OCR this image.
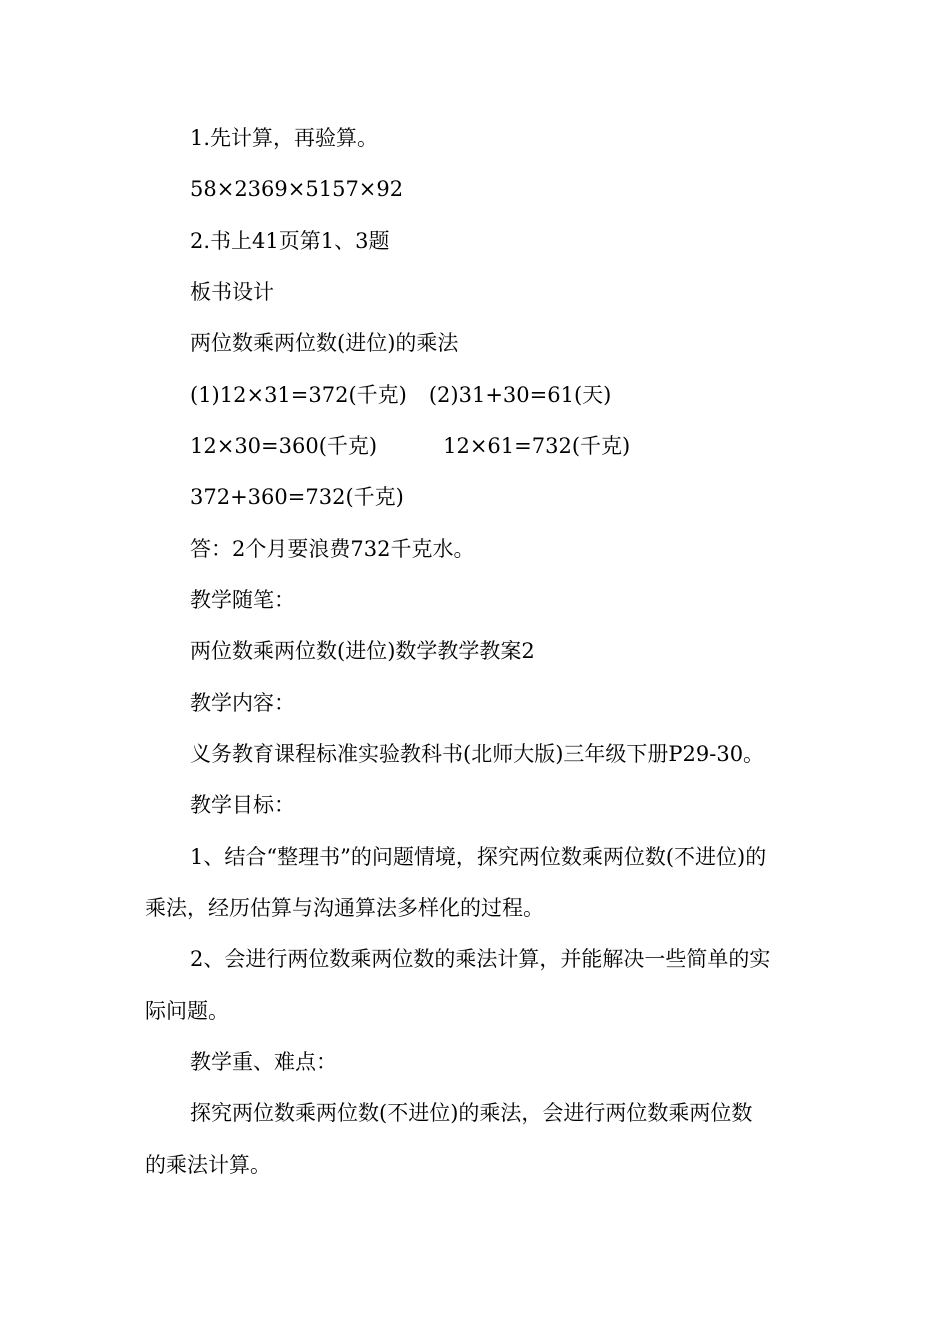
1.先计算，再验算。
58×2369×5157×92
2.书上41页第1、3题
板书设计
两位数乘两位数(进位)的乘法
(1)12×31=372(千克) (2)31+30=61(天)
12×30=360(千克)	12×61=732(千克)
372+360=732(千克)
答：2个月要浪费732千克水。
教学随笔：
两位数乘两位数(进位)数学教学教案2
教学内容：
义务教育课程标准实验教科书(北师大版)三年级下册P29-30。
教学目标：
1、结合“整理书”的问题情境，探究两位数乘两位数(不进位)的
乘法，经历估算与沟通算法多样化的过程。
2、会进行两位数乘两位数的乘法计算，并能解决一些简单的实
际问题。
教学重、难点：
探究两位数乘两位数(不进位)的乘法，会进行两位数乘两位数
的乘法计算。
